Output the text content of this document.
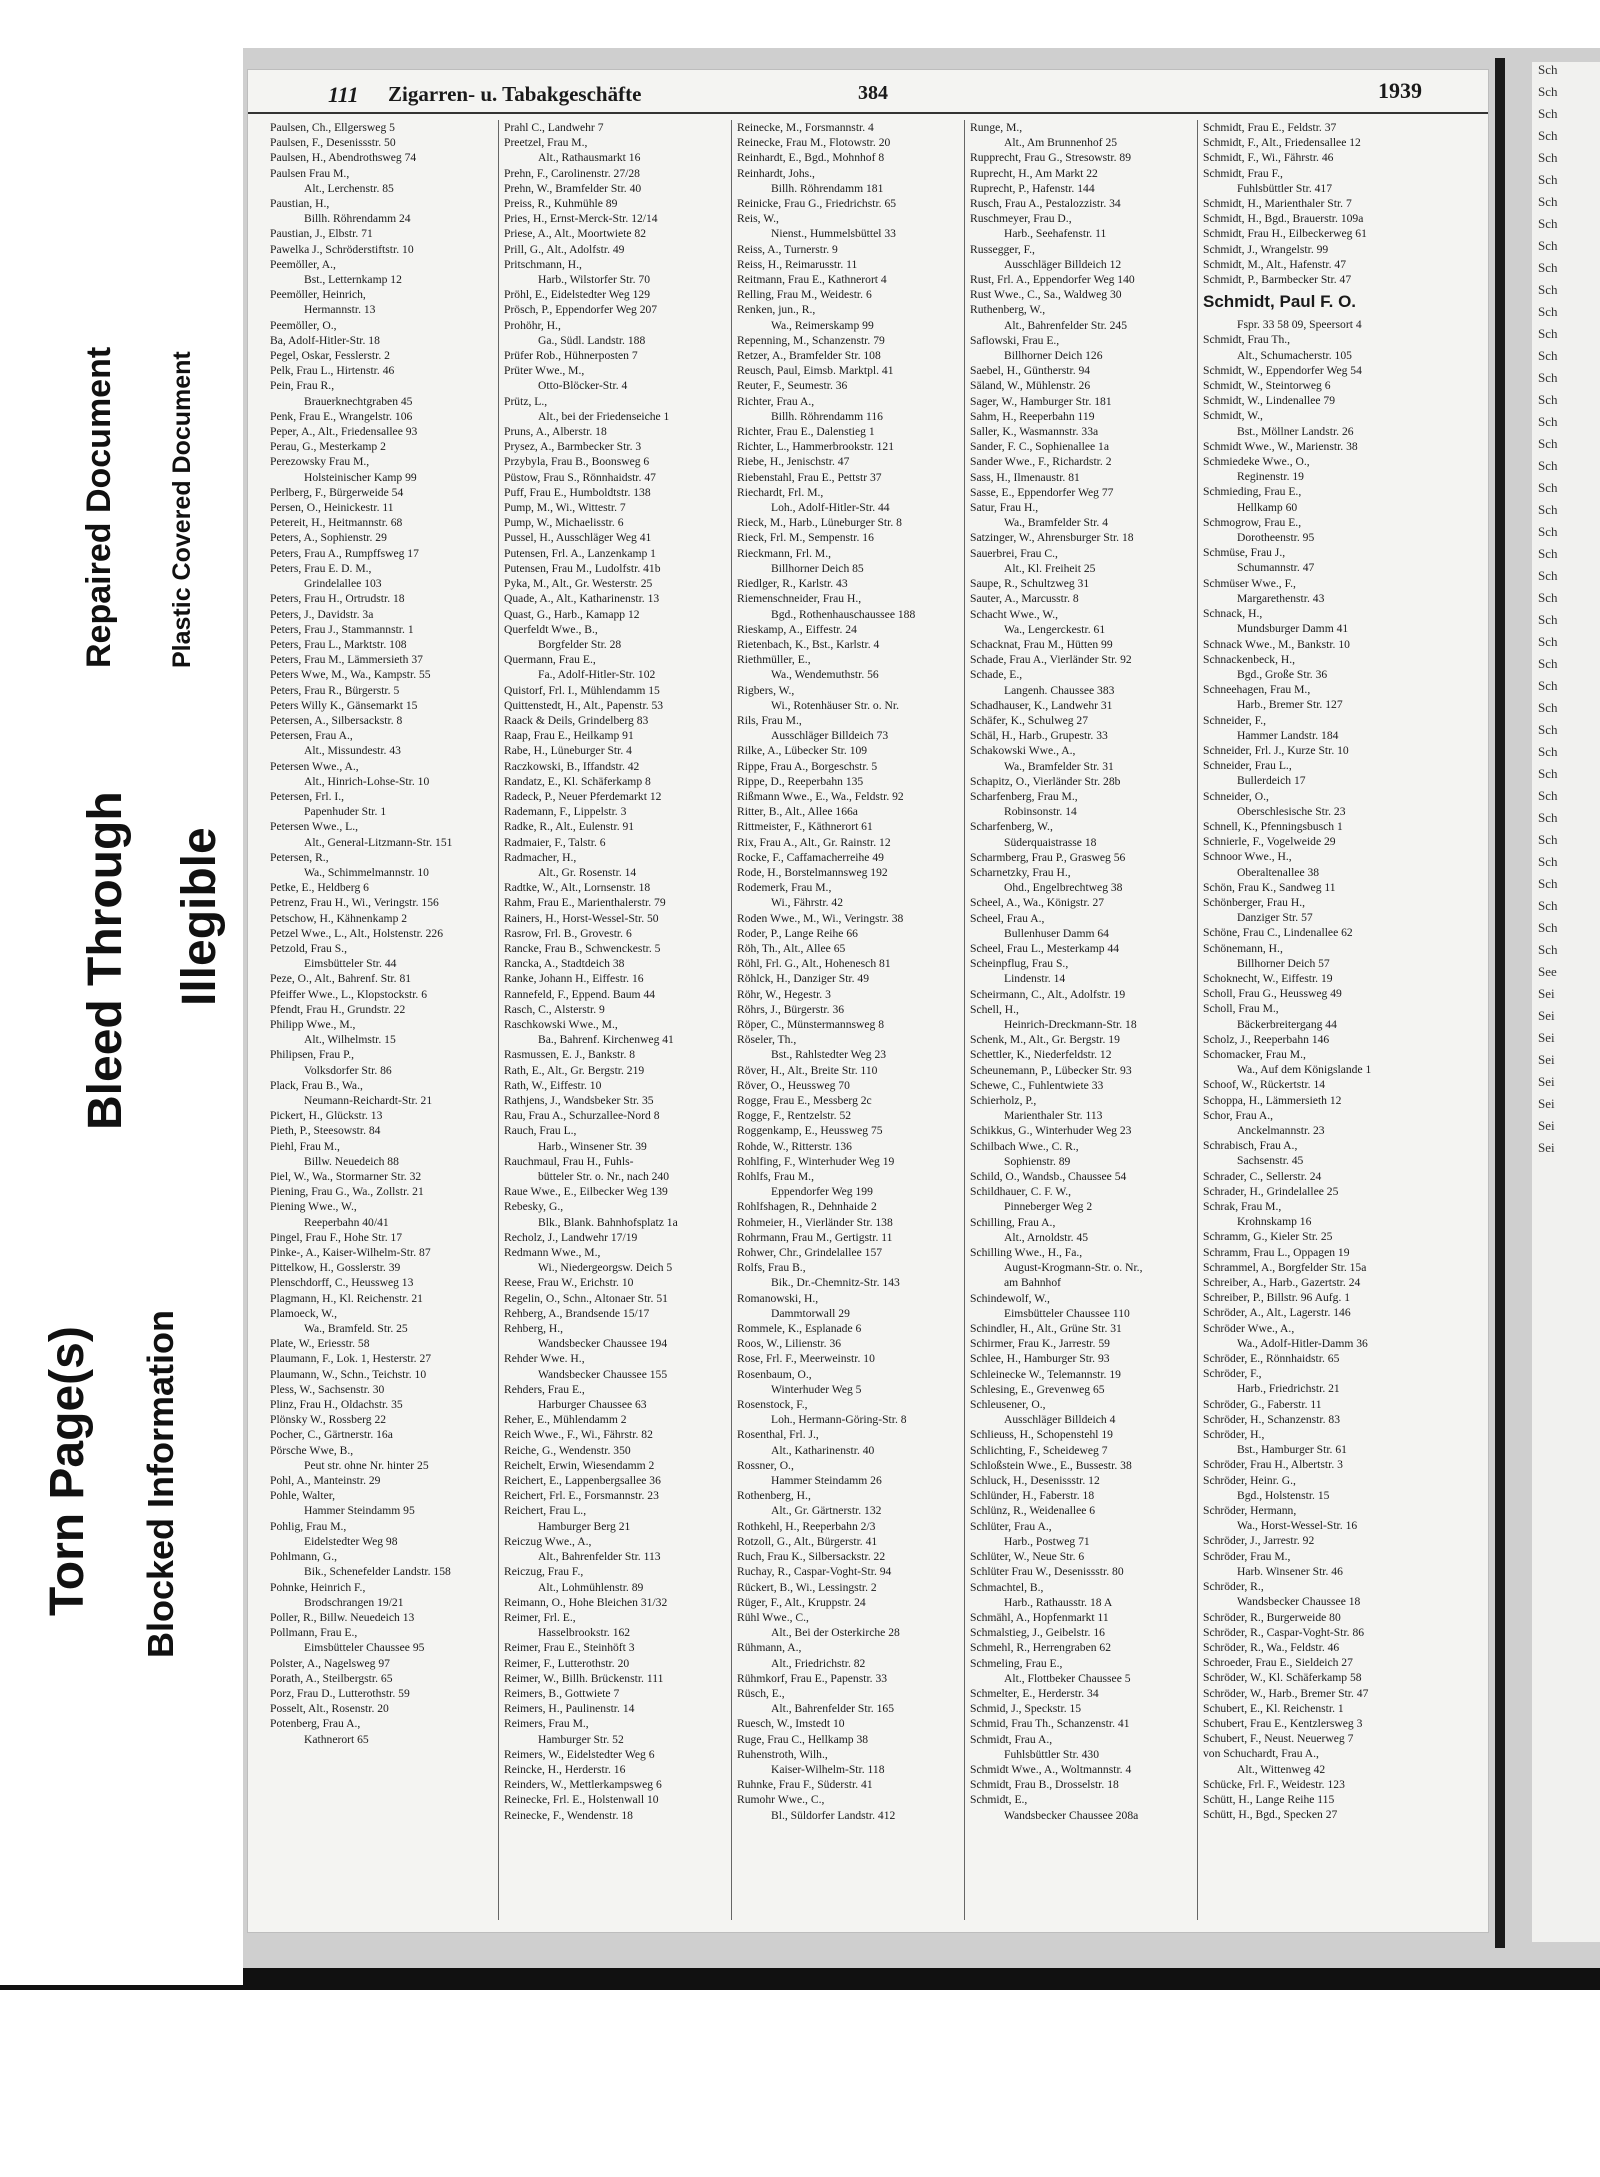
Repaired Document Plastic Covered Document
Bleed Through Illegible
Torn Page(s) Blocked Information
Sch
Sch
Sch
Sch
Sch
Sch
Sch
Sch
Sch
Sch
Sch
Sch
Sch
Sch
Sch
Sch
Sch
Sch
Sch
Sch
Sch
Sch
Sch
Sch
Sch
Sch
Sch
Sch
Sch
Sch
Sch
Sch
Sch
Sch
Sch
Sch
Sch
Sch
Sch
Sch
Sch
See
Sei
Sei
Sei
Sei
Sei
Sei
Sei
Sei
111 Zigarren- u. Tabakgeschäfte	384	1939
Paulsen, Ch., Ellgersweg 5
Paulsen, F., Desenissstr. 50
Paulsen, H., Abendrothsweg 74
Paulsen Frau M.,
Alt., Lerchenstr. 85
Paustian, H.,
Billh. Röhrendamm 24
Paustian, J., Elbstr. 71
Pawelka J., Schröderstiftstr. 10
Peemöller, A.,
Bst., Letternkamp 12
Peemöller, Heinrich,
Hermannstr. 13
Peemöller, O.,
Ba, Adolf-Hitler-Str. 18
Pegel, Oskar, Fesslerstr. 2
Pelk, Frau L., Hirtenstr. 46
Pein, Frau R.,
Brauerknechtgraben 45
Penk, Frau E., Wrangelstr. 106
Peper, A., Alt., Friedensallee 93
Perau, G., Mesterkamp 2
Perezowsky Frau M.,
Holsteinischer Kamp 99
Perlberg, F., Bürgerweide 54
Persen, O., Heinickestr. 11
Petereit, H., Heitmannstr. 68
Peters, A., Sophienstr. 29
Peters, Frau A., Rumpffsweg 17
Peters, Frau E. D. M.,
Grindelallee 103
Peters, Frau H., Ortrudstr. 18
Peters, J., Davidstr. 3a
Peters, Frau J., Stammannstr. 1
Peters, Frau L., Marktstr. 108
Peters, Frau M., Lämmersieth 37
Peters Wwe, M., Wa., Kampstr. 55
Peters, Frau R., Bürgerstr. 5
Peters Willy K., Gänsemarkt 15
Petersen, A., Silbersackstr. 8
Petersen, Frau A.,
Alt., Missundestr. 43
Petersen Wwe., A.,
Alt., Hinrich-Lohse-Str. 10
Petersen, Frl. I.,
Papenhuder Str. 1
Petersen Wwe., L.,
Alt., General-Litzmann-Str. 151
Petersen, R.,
Wa., Schimmelmannstr. 10
Petke, E., Heldberg 6
Petrenz, Frau H., Wi., Veringstr. 156
Petschow, H., Kähnenkamp 2
Petzel Wwe., L., Alt., Holstenstr. 226
Petzold, Frau S.,
Eimsbütteler Str. 44
Peze, O., Alt., Bahrenf. Str. 81
Pfeiffer Wwe., L., Klopstockstr. 6
Pfendt, Frau H., Grundstr. 22
Philipp Wwe., M.,
Alt., Wilhelmstr. 15
Philipsen, Frau P.,
Volksdorfer Str. 86
Plack, Frau B., Wa.,
Neumann-Reichardt-Str. 21
Pickert, H., Glückstr. 13
Pieth, P., Steesowstr. 84
Piehl, Frau M.,
Billw. Neuedeich 88
Piel, W., Wa., Stormarner Str. 32
Piening, Frau G., Wa., Zollstr. 21
Piening Wwe., W.,
Reeperbahn 40/41
Pingel, Frau F., Hohe Str. 17
Pinke-, A., Kaiser-Wilhelm-Str. 87
Pittelkow, H., Gosslerstr. 39
Plenschdorff, C., Heussweg 13
Plagmann, H., Kl. Reichenstr. 21
Plamoeck, W.,
Wa., Bramfeld. Str. 25
Plate, W., Eriesstr. 58
Plaumann, F., Lok. 1, Hesterstr. 27
Plaumann, W., Schn., Teichstr. 10
Pless, W., Sachsenstr. 30
Plinz, Frau H., Oldachstr. 35
Plönsky W., Rossberg 22
Pocher, C., Gärtnerstr. 16a
Pörsche Wwe, B.,
Peut str. ohne Nr. hinter 25
Pohl, A., Manteinstr. 29
Pohle, Walter,
Hammer Steindamm 95
Pohlig, Frau M.,
Eidelstedter Weg 98
Pohlmann, G.,
Bik., Schenefelder Landstr. 158
Pohnke, Heinrich F.,
Brodschrangen 19/21
Poller, R., Billw. Neuedeich 13
Pollmann, Frau E.,
Eimsbütteler Chaussee 95
Polster, A., Nagelsweg 97
Porath, A., Steilbergstr. 65
Porz, Frau D., Lutterothstr. 59
Posselt, Alt., Rosenstr. 20
Potenberg, Frau A.,
Kathnerort 65
Prahl C., Landwehr 7
Preetzel, Frau M.,
Alt., Rathausmarkt 16
Prehn, F., Carolinenstr. 27/28
Prehn, W., Bramfelder Str. 40
Preiss, R., Kuhmühle 89
Pries, H., Ernst-Merck-Str. 12/14
Priese, A., Alt., Moortwiete 82
Prill, G., Alt., Adolfstr. 49
Pritschmann, H.,
Harb., Wilstorfer Str. 70
Pröhl, E., Eidelstedter Weg 129
Prösch, P., Eppendorfer Weg 207
Prohöhr, H.,
Ga., Südl. Landstr. 188
Prüfer Rob., Hühnerposten 7
Prüter Wwe., M.,
Otto-Blöcker-Str. 4
Prütz, L.,
Alt., bei der Friedenseiche 1
Pruns, A., Alberstr. 18
Prysez, A., Barmbecker Str. 3
Przybyla, Frau B., Boonsweg 6
Püstow, Frau S., Rönnhaidstr. 47
Puff, Frau E., Humboldtstr. 138
Pump, M., Wi., Wittestr. 7
Pump, W., Michaelisstr. 6
Pussel, H., Ausschläger Weg 41
Putensen, Frl. A., Lanzenkamp 1
Putensen, Frau M., Ludolfstr. 41b
Pyka, M., Alt., Gr. Westerstr. 25
Quade, A., Alt., Katharinenstr. 13
Quast, G., Harb., Kamapp 12
Querfeldt Wwe., B.,
Borgfelder Str. 28
Quermann, Frau E.,
Fa., Adolf-Hitler-Str. 102
Quistorf, Frl. I., Mühlendamm 15
Quittenstedt, H., Alt., Papenstr. 53
Raack & Deils, Grindelberg 83
Raap, Frau E., Heilkamp 91
Rabe, H., Lüneburger Str. 4
Raczkowski, B., Iffandstr. 42
Randatz, E., Kl. Schäferkamp 8
Radeck, P., Neuer Pferdemarkt 12
Rademann, F., Lippelstr. 3
Radke, R., Alt., Eulenstr. 91
Radmaier, F., Talstr. 6
Radmacher, H.,
Alt., Gr. Rosenstr. 14
Radtke, W., Alt., Lornsenstr. 18
Rahm, Frau E., Marienthalerstr. 79
Rainers, H., Horst-Wessel-Str. 50
Rasrow, Frl. B., Grovestr. 6
Rancke, Frau B., Schwenckestr. 5
Rancka, A., Stadtdeich 38
Ranke, Johann H., Eiffestr. 16
Rannefeld, F., Eppend. Baum 44
Rasch, C., Alsterstr. 9
Raschkowski Wwe., M.,
Ba., Bahrenf. Kirchenweg 41
Rasmussen, E. J., Bankstr. 8
Rath, E., Alt., Gr. Bergstr. 219
Rath, W., Eiffestr. 10
Rathjens, J., Wandsbeker Str. 35
Rau, Frau A., Schurzallee-Nord 8
Rauch, Frau L.,
Harb., Winsener Str. 39
Rauchmaul, Frau H., Fuhls-
bütteler Str. o. Nr., nach 240
Raue Wwe., E., Eilbecker Weg 139
Rebesky, G.,
Blk., Blank. Bahnhofsplatz 1a
Recholz, J., Landwehr 17/19
Redmann Wwe., M.,
Wi., Niedergeorgsw. Deich 5
Reese, Frau W., Erichstr. 10
Regelin, O., Schn., Altonaer Str. 51
Rehberg, A., Brandsende 15/17
Rehberg, H.,
Wandsbecker Chaussee 194
Rehder Wwe. H.,
Wandsbecker Chaussee 155
Rehders, Frau E.,
Harburger Chaussee 63
Reher, E., Mühlendamm 2
Reich Wwe., F., Wi., Fährstr. 82
Reiche, G., Wendenstr. 350
Reichelt, Erwin, Wiesendamm 2
Reichert, E., Lappenbergsallee 36
Reichert, Frl. E., Forsmannstr. 23
Reichert, Frau L.,
Hamburger Berg 21
Reiczug Wwe., A.,
Alt., Bahrenfelder Str. 113
Reiczug, Frau F.,
Alt., Lohmühlenstr. 89
Reimann, O., Hohe Bleichen 31/32
Reimer, Frl. E.,
Hasselbrookstr. 162
Reimer, Frau E., Steinhöft 3
Reimer, F., Lutterothstr. 20
Reimer, W., Billh. Brückenstr. 111
Reimers, B., Gottwiete 7
Reimers, H., Paulinenstr. 14
Reimers, Frau M.,
Hamburger Str. 52
Reimers, W., Eidelstedter Weg 6
Reincke, H., Herderstr. 16
Reinders, W., Mettlerkampsweg 6
Reinecke, Frl. E., Holstenwall 10
Reinecke, F., Wendenstr. 18
Reinecke, M., Forsmannstr. 4
Reinecke, Frau M., Flotowstr. 20
Reinhardt, E., Bgd., Mohnhof 8
Reinhardt, Johs.,
Billh. Röhrendamm 181
Reinicke, Frau G., Friedrichstr. 65
Reis, W.,
Nienst., Hummelsbüttel 33
Reiss, A., Turnerstr. 9
Reiss, H., Reimarusstr. 11
Reitmann, Frau E., Kathnerort 4
Relling, Frau M., Weidestr. 6
Renken, jun., R.,
Wa., Reimerskamp 99
Repenning, M., Schanzenstr. 79
Retzer, A., Bramfelder Str. 108
Reusch, Paul, Eimsb. Marktpl. 41
Reuter, F., Seumestr. 36
Richter, Frau A.,
Billh. Röhrendamm 116
Richter, Frau E., Dalenstieg 1
Richter, L., Hammerbrookstr. 121
Riebe, H., Jenischstr. 47
Riebenstahl, Frau E., Pettstr 37
Riechardt, Frl. M.,
Loh., Adolf-Hitler-Str. 44
Rieck, M., Harb., Lüneburger Str. 8
Rieck, Frl. M., Sempenstr. 16
Rieckmann, Frl. M.,
Billhorner Deich 85
Riedlger, R., Karlstr. 43
Riemenschneider, Frau H.,
Bgd., Rothenhauschaussee 188
Rieskamp, A., Eiffestr. 24
Rietenbach, K., Bst., Karlstr. 4
Riethmüller, E.,
Wa., Wendemuthstr. 56
Rigbers, W.,
Wi., Rotenhäuser Str. o. Nr.
Rils, Frau M.,
Ausschläger Billdeich 73
Rilke, A., Lübecker Str. 109
Rippe, Frau A., Borgeschstr. 5
Rippe, D., Reeperbahn 135
Rißmann Wwe., E., Wa., Feldstr. 92
Ritter, B., Alt., Allee 166a
Rittmeister, F., Käthnerort 61
Rix, Frau A., Alt., Gr. Rainstr. 12
Rocke, F., Caffamacherreihe 49
Rode, H., Borstelmannsweg 192
Rodemerk, Frau M.,
Wi., Fährstr. 42
Roden Wwe., M., Wi., Veringstr. 38
Roder, P., Lange Reihe 66
Röh, Th., Alt., Allee 65
Röhl, Frl. G., Alt., Hohenesch 81
Röhlck, H., Danziger Str. 49
Röhr, W., Hegestr. 3
Röhrs, J., Bürgerstr. 36
Röper, C., Münstermannsweg 8
Röseler, Th.,
Bst., Rahlstedter Weg 23
Röver, H., Alt., Breite Str. 110
Röver, O., Heussweg 70
Rogge, Frau E., Messberg 2c
Rogge, F., Rentzelstr. 52
Roggenkamp, E., Heussweg 75
Rohde, W., Ritterstr. 136
Rohlfing, F., Winterhuder Weg 19
Rohlfs, Frau M.,
Eppendorfer Weg 199
Rohlfshagen, R., Dehnhaide 2
Rohmeier, H., Vierländer Str. 138
Rohrmann, Frau M., Gertigstr. 11
Rohwer, Chr., Grindelallee 157
Rolfs, Frau B.,
Bik., Dr.-Chemnitz-Str. 143
Romanowski, H.,
Dammtorwall 29
Rommele, K., Esplanade 6
Roos, W., Lilienstr. 36
Rose, Frl. F., Meerweinstr. 10
Rosenbaum, O.,
Winterhuder Weg 5
Rosenstock, F.,
Loh., Hermann-Göring-Str. 8
Rosenthal, Frl. J.,
Alt., Katharinenstr. 40
Rossner, O.,
Hammer Steindamm 26
Rothenberg, H.,
Alt., Gr. Gärtnerstr. 132
Rothkehl, H., Reeperbahn 2/3
Rotzoll, G., Alt., Bürgerstr. 41
Ruch, Frau K., Silbersackstr. 22
Ruchay, R., Caspar-Voght-Str. 94
Rückert, B., Wi., Lessingstr. 2
Rüger, F., Alt., Kruppstr. 24
Rühl Wwe., C.,
Alt., Bei der Osterkirche 28
Rühmann, A.,
Alt., Friedrichstr. 82
Rühmkorf, Frau E., Papenstr. 33
Rüsch, E.,
Alt., Bahrenfelder Str. 165
Ruesch, W., Imstedt 10
Ruge, Frau C., Hellkamp 38
Ruhenstroth, Wilh.,
Kaiser-Wilhelm-Str. 118
Ruhnke, Frau F., Süderstr. 41
Rumohr Wwe., C.,
Bl., Süldorfer Landstr. 412
Runge, M.,
Alt., Am Brunnenhof 25
Rupprecht, Frau G., Stresowstr. 89
Ruprecht, H., Am Markt 22
Ruprecht, P., Hafenstr. 144
Rusch, Frau A., Pestalozzistr. 34
Ruschmeyer, Frau D.,
Harb., Seehafenstr. 11
Russegger, F.,
Ausschläger Billdeich 12
Rust, Frl. A., Eppendorfer Weg 140
Rust Wwe., C., Sa., Waldweg 30
Ruthenberg, W.,
Alt., Bahrenfelder Str. 245
Saflowski, Frau E.,
Billhorner Deich 126
Saebel, H., Güntherstr. 94
Säland, W., Mühlenstr. 26
Sager, W., Hamburger Str. 181
Sahm, H., Reeperbahn 119
Saller, K., Wasmannstr. 33a
Sander, F. C., Sophienallee 1a
Sander Wwe., F., Richardstr. 2
Sass, H., Ilmenaustr. 81
Sasse, E., Eppendorfer Weg 77
Satur, Frau H.,
Wa., Bramfelder Str. 4
Satzinger, W., Ahrensburger Str. 18
Sauerbrei, Frau C.,
Alt., Kl. Freiheit 25
Saupe, R., Schultzweg 31
Sauter, A., Marcusstr. 8
Schacht Wwe., W.,
Wa., Lengerckestr. 61
Schacknat, Frau M., Hütten 99
Schade, Frau A., Vierländer Str. 92
Schade, E.,
Langenh. Chaussee 383
Schadhauser, K., Landwehr 31
Schäfer, K., Schulweg 27
Schäl, H., Harb., Grupestr. 33
Schakowski Wwe., A.,
Wa., Bramfelder Str. 31
Schapitz, O., Vierländer Str. 28b
Scharfenberg, Frau M.,
Robinsonstr. 14
Scharfenberg, W.,
Süderquaistrasse 18
Scharmberg, Frau P., Grasweg 56
Scharnetzky, Frau H.,
Ohd., Engelbrechtweg 38
Scheel, A., Wa., Königstr. 27
Scheel, Frau A.,
Bullenhuser Damm 64
Scheel, Frau L., Mesterkamp 44
Scheinpflug, Frau S.,
Lindenstr. 14
Scheirmann, C., Alt., Adolfstr. 19
Schell, H.,
Heinrich-Dreckmann-Str. 18
Schenk, M., Alt., Gr. Bergstr. 19
Schettler, K., Niederfeldstr. 12
Scheunemann, P., Lübecker Str. 93
Schewe, C., Fuhlentwiete 33
Schierholz, P.,
Marienthaler Str. 113
Schikkus, G., Winterhuder Weg 23
Schilbach Wwe., C. R.,
Sophienstr. 89
Schild, O., Wandsb., Chaussee 54
Schildhauer, C. F. W.,
Pinneberger Weg 2
Schilling, Frau A.,
Alt., Arnoldstr. 45
Schilling Wwe., H., Fa.,
August-Krogmann-Str. o. Nr.,
am Bahnhof
Schindewolf, W.,
Eimsbütteler Chaussee 110
Schindler, H., Alt., Grüne Str. 31
Schirmer, Frau K., Jarrestr. 59
Schlee, H., Hamburger Str. 93
Schleinecke W., Telemannstr. 19
Schlesing, E., Grevenweg 65
Schleusener, O.,
Ausschläger Billdeich 4
Schlieuss, H., Schopenstehl 19
Schlichting, F., Scheideweg 7
Schloßstein Wwe., E., Bussestr. 38
Schluck, H., Desenissstr. 12
Schlünder, H., Faberstr. 18
Schlünz, R., Weidenallee 6
Schlüter, Frau A.,
Harb., Postweg 71
Schlüter, W., Neue Str. 6
Schlüter Frau W., Desenissstr. 80
Schmachtel, B.,
Harb., Rathausstr. 18 A
Schmähl, A., Hopfenmarkt 11
Schmalstieg, J., Geibelstr. 16
Schmehl, R., Herrengraben 62
Schmeling, Frau E.,
Alt., Flottbeker Chaussee 5
Schmelter, E., Herderstr. 34
Schmid, J., Speckstr. 15
Schmid, Frau Th., Schanzenstr. 41
Schmidt, Frau A.,
Fuhlsbüttler Str. 430
Schmidt Wwe., A., Woltmannstr. 4
Schmidt, Frau B., Drosselstr. 18
Schmidt, E.,
Wandsbecker Chaussee 208a
Schmidt, Frau E., Feldstr. 37
Schmidt, F., Alt., Friedensallee 12
Schmidt, F., Wi., Fährstr. 46
Schmidt, Frau F.,
Fuhlsbüttler Str. 417
Schmidt, H., Marienthaler Str. 7
Schmidt, H., Bgd., Brauerstr. 109a
Schmidt, Frau H., Eilbeckerweg 61
Schmidt, J., Wrangelstr. 99
Schmidt, M., Alt., Hafenstr. 47
Schmidt, P., Barmbecker Str. 47
Schmidt, Paul F. O.
Fspr. 33 58 09, Speersort 4
Schmidt, Frau Th.,
Alt., Schumacherstr. 105
Schmidt, W., Eppendorfer Weg 54
Schmidt, W., Steintorweg 6
Schmidt, W., Lindenallee 79
Schmidt, W.,
Bst., Möllner Landstr. 26
Schmidt Wwe., W., Marienstr. 38
Schmiedeke Wwe., O.,
Reginenstr. 19
Schmieding, Frau E.,
Hellkamp 60
Schmogrow, Frau E.,
Dorotheenstr. 95
Schmüse, Frau J.,
Schumannstr. 47
Schmüser Wwe., F.,
Margarethenstr. 43
Schnack, H.,
Mundsburger Damm 41
Schnack Wwe., M., Bankstr. 10
Schnackenbeck, H.,
Bgd., Große Str. 36
Schneehagen, Frau M.,
Harb., Bremer Str. 127
Schneider, F.,
Hammer Landstr. 184
Schneider, Frl. J., Kurze Str. 10
Schneider, Frau L.,
Bullerdeich 17
Schneider, O.,
Oberschlesische Str. 23
Schnell, K., Pfenningsbusch 1
Schnierle, F., Vogelweide 29
Schnoor Wwe., H.,
Oberaltenallee 38
Schön, Frau K., Sandweg 11
Schönberger, Frau H.,
Danziger Str. 57
Schöne, Frau C., Lindenallee 62
Schönemann, H.,
Billhorner Deich 57
Schoknecht, W., Eiffestr. 19
Scholl, Frau G., Heussweg 49
Scholl, Frau M.,
Bäckerbreitergang 44
Scholz, J., Reeperbahn 146
Schomacker, Frau M.,
Wa., Auf dem Königslande 1
Schoof, W., Rückertstr. 14
Schoppa, H., Lämmersieth 12
Schor, Frau A.,
Anckelmannstr. 23
Schrabisch, Frau A.,
Sachsenstr. 45
Schrader, C., Sellerstr. 24
Schrader, H., Grindelallee 25
Schrak, Frau M.,
Krohnskamp 16
Schramm, G., Kieler Str. 25
Schramm, Frau L., Oppagen 19
Schrammel, A., Borgfelder Str. 15a
Schreiber, A., Harb., Gazertstr. 24
Schreiber, P., Billstr. 96 Aufg. 1
Schröder, A., Alt., Lagerstr. 146
Schröder Wwe., A.,
Wa., Adolf-Hitler-Damm 36
Schröder, E., Rönnhaidstr. 65
Schröder, F.,
Harb., Friedrichstr. 21
Schröder, G., Faberstr. 11
Schröder, H., Schanzenstr. 83
Schröder, H.,
Bst., Hamburger Str. 61
Schröder, Frau H., Albertstr. 3
Schröder, Heinr. G.,
Bgd., Holstenstr. 15
Schröder, Hermann,
Wa., Horst-Wessel-Str. 16
Schröder, J., Jarrestr. 92
Schröder, Frau M.,
Harb. Winsener Str. 46
Schröder, R.,
Wandsbecker Chaussee 18
Schröder, R., Burgerweide 80
Schröder, R., Caspar-Voght-Str. 86
Schröder, R., Wa., Feldstr. 46
Schroeder, Frau E., Sieldeich 27
Schröder, W., Kl. Schäferkamp 58
Schröder, W., Harb., Bremer Str. 47
Schubert, E., Kl. Reichenstr. 1
Schubert, Frau E., Kentzlersweg 3
Schubert, F., Neust. Neuerweg 7
von Schuchardt, Frau A.,
Alt., Wittenweg 42
Schücke, Frl. F., Weidestr. 123
Schütt, H., Lange Reihe 115
Schütt, H., Bgd., Specken 27
